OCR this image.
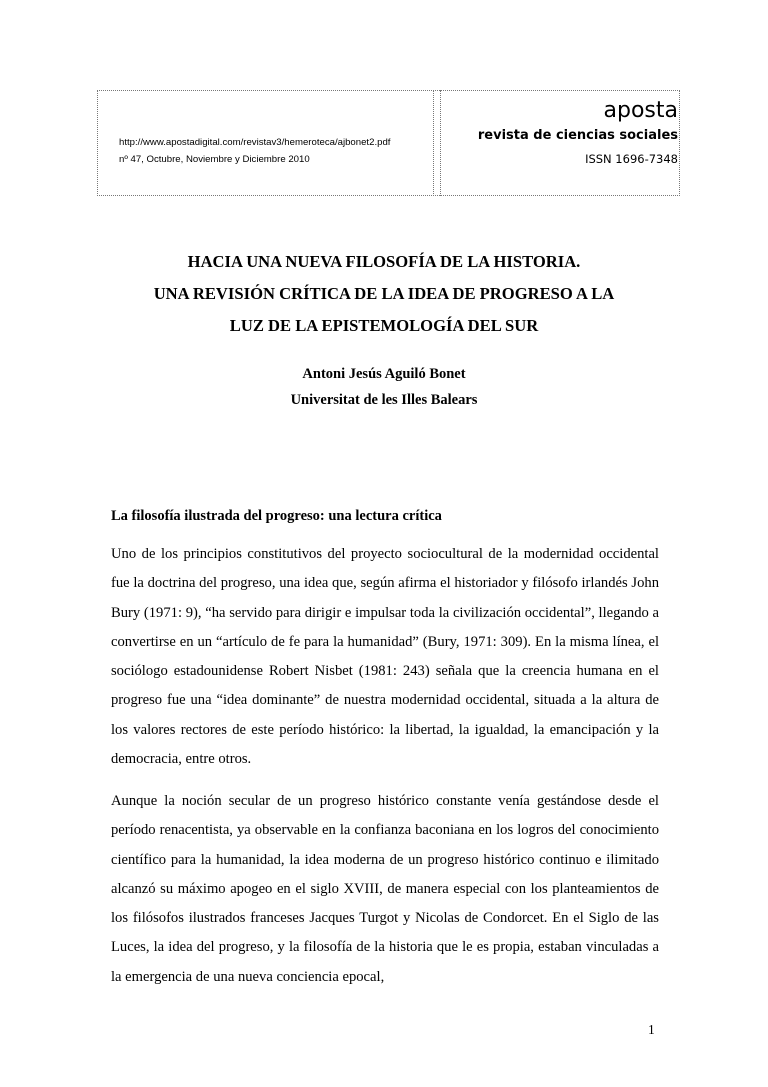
http://www.apostadigital.com/revistav3/hemeroteca/ajbonet2.pdf
nº 47, Octubre, Noviembre y Diciembre 2010
aposta
revista de ciencias sociales
ISSN 1696-7348
HACIA UNA NUEVA FILOSOFÍA DE LA HISTORIA.
UNA REVISIÓN CRÍTICA DE LA IDEA DE PROGRESO A LA
LUZ DE LA EPISTEMOLOGÍA DEL SUR
Antoni Jesús Aguiló Bonet
Universitat de les Illes Balears
La filosofía ilustrada del progreso: una lectura crítica

Uno de los principios constitutivos del proyecto sociocultural de la modernidad occidental fue la doctrina del progreso, una idea que, según afirma el historiador y filósofo irlandés John Bury (1971: 9), “ha servido para dirigir e impulsar toda la civilización occidental”, llegando a convertirse en un “artículo de fe para la humanidad” (Bury, 1971: 309). En la misma línea, el sociólogo estadounidense Robert Nisbet (1981: 243) señala que la creencia humana en el progreso fue una “idea dominante” de nuestra modernidad occidental, situada a la altura de los valores rectores de este período histórico: la libertad, la igualdad, la emancipación y la democracia, entre otros.

Aunque la noción secular de un progreso histórico constante venía gestándose desde el período renacentista, ya observable en la confianza baconiana en los logros del conocimiento científico para la humanidad, la idea moderna de un progreso histórico continuo e ilimitado alcanzó su máximo apogeo en el siglo XVIII, de manera especial con los planteamientos de los filósofos ilustrados franceses Jacques Turgot y Nicolas de Condorcet. En el Siglo de las Luces, la idea del progreso, y la filosofía de la historia que le es propia, estaban vinculadas a la emergencia de una nueva conciencia epocal,

1
